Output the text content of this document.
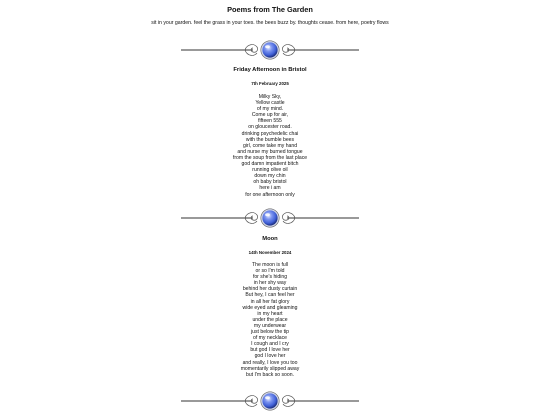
Poems from The Garden

sit in your garden. feel the grass in your toes. the bees buzz by. thoughts cease. from here, poetry flows

Friday Afternoon in Bristol
7th February 2025
Milky Sky,
Yellow castle
of my mind.
Come up for air,
fifteen 555
on gloucester road.
drinking psychedelic chai
with the bumble bees
girl, come take my hand
and nurse my burned tongue
from the soup from the last place
god damn impatient bitch
running olive oil
down my chin
oh baby bristol
here i am
for one afternoon only
Moon
14th November 2024
The moon is full
or so I'm told
for she's hiding
in her shy way
behind her dusty curtain
But hey, I can feel her
in all her fat glory
wide eyed and gleaming
in my heart
under the place
my underwear
just below the tip
of my necklace
I cough and I cry
but god I love her
god I love her
and really, I love you too
momentarily slipped away
but I'm back so soon.
